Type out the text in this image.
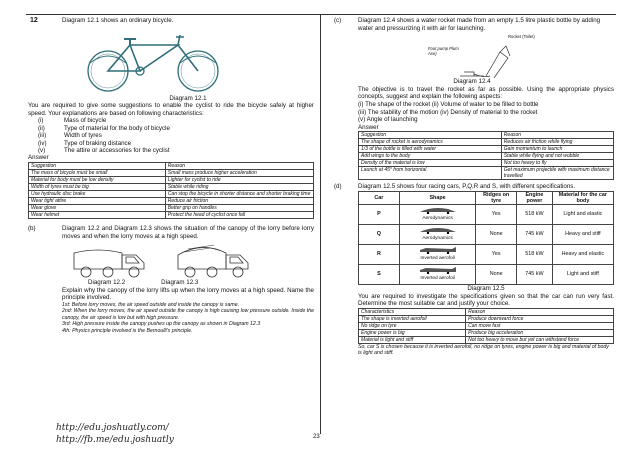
12	Diagram 12.1 shows an ordinary bicycle.
Diagram 12.1
You are required to give some suggestions to enable the cyclist to ride the bicycle safely at higher speed. Your explanations are based on following characteristics:
(i)	Mass of bicycle
(ii)	Type of material for the body of bicycle
(iii)	Width of tyres
(iv)	Type of braking distance
(v)	The attire or accessories for the cyclist
Answer
Suggestion	Reason
The mass of bicycle must be small	Small mass produce higher acceleration
Material for body must be low density	Lighter for cyclist to ride
Width of tyres must be big	Stable while riding
Use hydraulic disc brake	Can stop the bicycle in shorter distance and shorter braking time
Wear tight attire	Reduce air friction
Wear glove	Better grip on handles
Wear helmet	Protect the head of cyclist once fall
(b)	Diagram 12.2 and Diagram 12.3 shows the situation of the canopy of the lorry before lorry moves and when the lorry moves at a high speed.
Diagram 12.2	Diagram 12.3
Explain why the canopy of the lorry lifts up when the lorry moves at a high speed. Name the principle involved.
1st: Before lorry moves, the air speed outside and inside the canopy is same.
2nd: When the lorry moves, the air speed outside the canopy is high causing low pressure outside. Inside the canopy, the air speed is low but with high pressure.
3rd: High pressure inside the canopy pushes up the canopy as shown in Diagram 12.3
4th: Physics principle involved is the Bernoulli's principle.
http://edu.joshuatly.com/
http://fb.me/edu.joshuatly	23
(c)	Diagram 12.4 shows a water rocket made from an empty 1.5 litre plastic bottle by adding water and pressurizing it with air for launching.
Rocket (Toilet)
Foot pump Plum Ase)
Diagram 12.4
The objective is to travel the rocket as far as possible. Using the appropriate physics concepts, suggest and explain the following aspects:
(i) The shape of the rocket (ii) Volume of water to be filled to bottle
(iii) The stability of the motion (iv) Density of material to the rocket
(v) Angle of launching
Answer
Suggestion	Reason
The shape of rocket is aerodynamics	Reduces air friction while flying
1/3 of the bottle is filled with water	Gain momentum to launch
Add wings to the body	Stable while flying and not wobble
Density of the material is low	Not too heavy to fly
Launch at 45° from horizontal	Get maximum projectile with maximum distance travelled
(d)	Diagram 12.5 shows four racing cars, P,Q,R and S, with different specifications.
Car	Shape	Ridges on tyre	Engine power	Material for the car body
P	Aerodynamics	Yes	518 kW	Light and elastic
Q	Aerodynamics	None	745 kW	Heavy and stiff
R	Inverted aerofoil	Yes	518 kW	Heavy and elastic
S	Inverted aerofoil	None	745 kW	Light and stiff
Diagram 12.5
You are required to investigate the specifications given so that the car can run very fast. Determine the most suitable car and justify your choice.
Characteristics	Reason
The shape is inverted aerofoil	Produce downward force
No ridge on tyre	Can move fast
Engine power is big	Produce big acceleration
Material is light and stiff	Not too heavy to move but yet can withstand force
So, car S is chosen because it is inverted aerofoil, no ridge on tyres, engine power is big and material of body is light and stiff.
